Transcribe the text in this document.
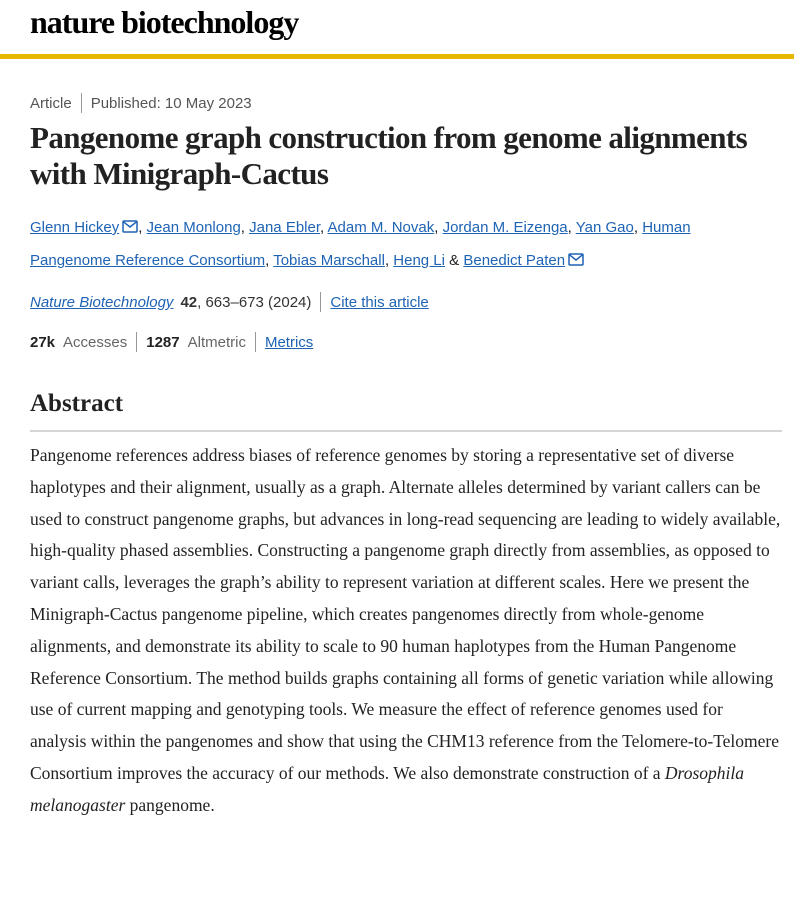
nature biotechnology
Article Published: 10 May 2023
Pangenome graph construction from genome alignments with Minigraph-Cactus
Glenn Hickey , Jean Monlong, Jana Ebler, Adam M. Novak, Jordan M. Eizenga, Yan Gao, Human Pangenome Reference Consortium, Tobias Marschall, Heng Li & Benedict Paten
Nature Biotechnology 42 , 663–673 (2024) Cite this article
27k Accesses 1287 Altmetric Metrics
Abstract

Pangenome references address biases of reference genomes by storing a representative set of diverse haplotypes and their alignment, usually as a graph. Alternate alleles determined by variant callers can be used to construct pangenome graphs, but advances in long-read sequencing are leading to widely available, high-quality phased assemblies. Constructing a pangenome graph directly from assemblies, as opposed to variant calls, leverages the graph’s ability to represent variation at different scales. Here we present the Minigraph-Cactus pangenome pipeline, which creates pangenomes directly from whole-genome alignments, and demonstrate its ability to scale to 90 human haplotypes from the Human Pangenome Reference Consortium. The method builds graphs containing all forms of genetic variation while allowing use of current mapping and genotyping tools. We measure the effect of reference genomes used for analysis within the pangenomes and show that using the CHM13 reference from the Telomere-to-Telomere Consortium improves the accuracy of our methods. We also demonstrate construction of a Drosophila melanogaster pangenome.
